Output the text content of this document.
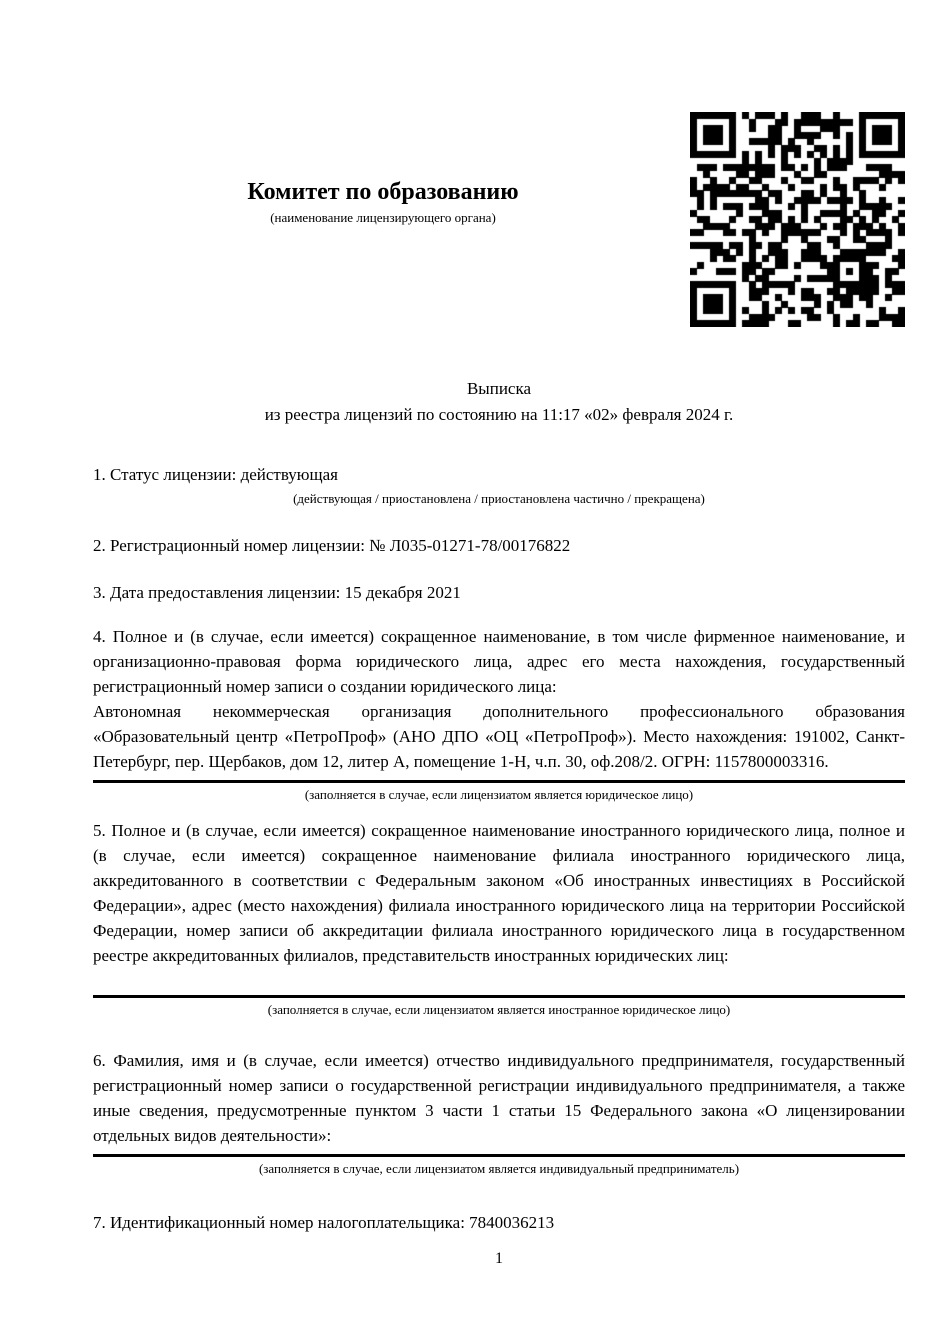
Комитет по образованию
(наименование лицензирующего органа)
Выписка
из реестра лицензий по состоянию на 11:17 «02» февраля 2024 г.

1. Статус лицензии: действующая

(действующая / приостановлена / приостановлена частично / прекращена)

2. Регистрационный номер лицензии: № Л035-01271-78/00176822

3. Дата предоставления лицензии: 15 декабря 2021

4. Полное и (в случае, если имеется) сокращенное наименование, в том числе фирменное наименование, и организационно-правовая форма юридического лица, адрес его места нахождения, государственный регистрационный номер записи о создании юридического лица:

Автономная некоммерческая организация дополнительного профессионального образования «Образовательный центр «ПетроПроф» (АНО ДПО «ОЦ «ПетроПроф»). Место нахождения: 191002, Санкт-Петербург, пер. Щербаков, дом 12, литер А, помещение 1-Н, ч.п. 30, оф.208/2. ОГРН: 1157800003316.

(заполняется в случае, если лицензиатом является юридическое лицо)

5. Полное и (в случае, если имеется) сокращенное наименование иностранного юридического лица, полное и (в случае, если имеется) сокращенное наименование филиала иностранного юридического лица, аккредитованного в соответствии с Федеральным законом «Об иностранных инвестициях в Российской Федерации», адрес (место нахождения) филиала иностранного юридического лица на территории Российской Федерации, номер записи об аккредитации филиала иностранного юридического лица в государственном реестре аккредитованных филиалов, представительств иностранных юридических лиц:

(заполняется в случае, если лицензиатом является иностранное юридическое лицо)

6. Фамилия, имя и (в случае, если имеется) отчество индивидуального предпринимателя, государственный регистрационный номер записи о государственной регистрации индивидуального предпринимателя, а также иные сведения, предусмотренные пунктом 3 части 1 статьи 15 Федерального закона «О лицензировании отдельных видов деятельности»:

(заполняется в случае, если лицензиатом является индивидуальный предприниматель)

7. Идентификационный номер налогоплательщика: 7840036213

1
